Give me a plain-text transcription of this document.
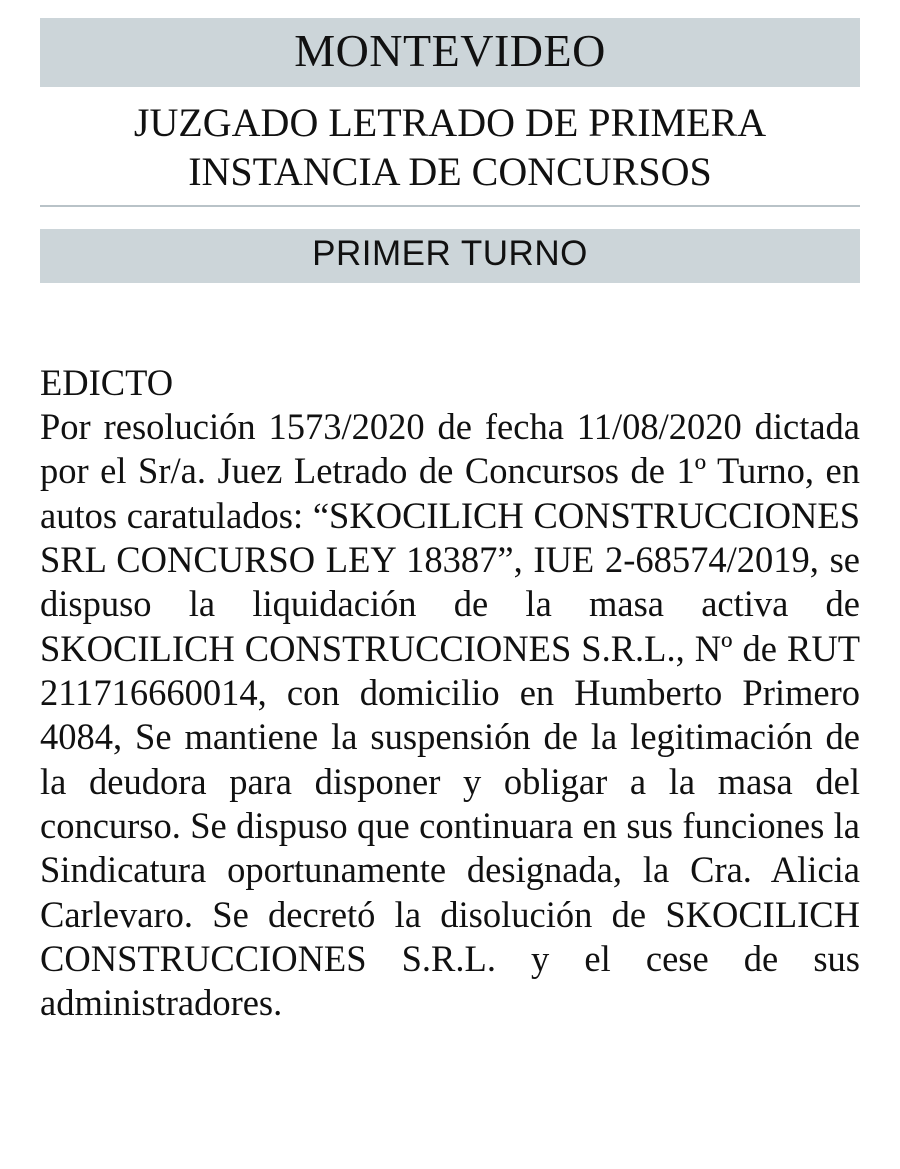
MONTEVIDEO
JUZGADO LETRADO DE PRIMERA
INSTANCIA DE CONCURSOS
PRIMER TURNO
EDICTO

Por resolución 1573/2020 de fecha 11/08/2020 dictada por el Sr/a. Juez Letrado de Concursos de 1º Turno, en autos caratulados: “SKOCILICH CONSTRUCCIONES SRL CONCURSO LEY 18387”, IUE 2-68574/2019, se dispuso la liquidación de la masa activa de SKOCILICH CONSTRUCCIONES S.R.L., Nº de RUT 211716660014, con domicilio en Humberto Primero 4084, Se mantiene la suspensión de la legitimación de la deudora para disponer y obligar a la masa del concurso. Se dispuso que continuara en sus funciones la Sindicatura oportunamente designada, la Cra. Alicia Carlevaro. Se decretó la disolución de SKOCILICH CONSTRUCCIONES S.R.L. y el cese de sus administradores.
